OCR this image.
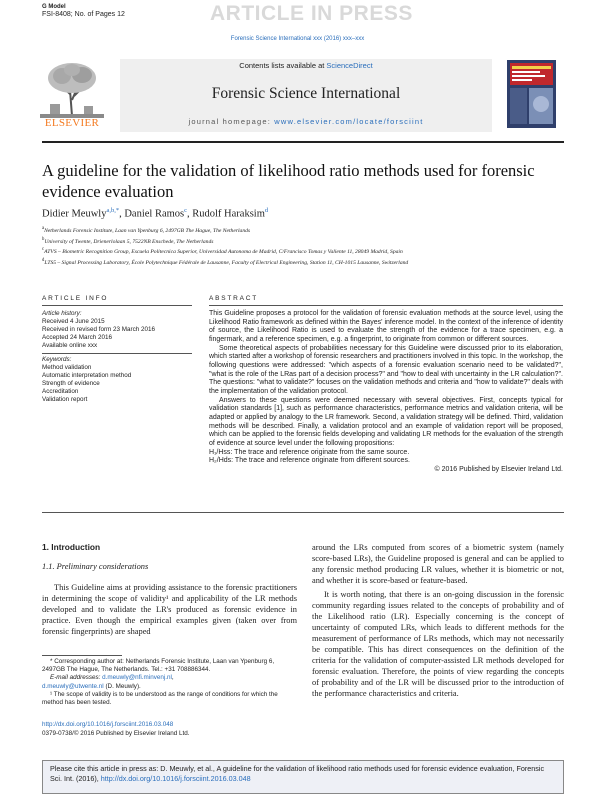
G Model
FSI-8408; No. of Pages 12	ARTICLE IN PRESS
Forensic Science International xxx (2016) xxx–xxx
ELSEVIER
Contents lists available at ScienceDirect
Forensic Science International
journal homepage: www.elsevier.com/locate/forsciint
A guideline for the validation of likelihood ratio methods used for forensic evidence evaluation
Didier Meuwly$^{a,b,*}$, Daniel Ramos$^c$, Rudolf Haraksim$^d$
$^a$Netherlands Forensic Institute, Laan van Ypenburg 6, 2497GB The Hague, The Netherlands
$^b$University of Twente, Drienerlolaan 5, 7522NB Enschede, The Netherlands
$^c$ATVS – Biometric Recognition Group, Escuela Politecnica Superior, Universidad Autonoma de Madrid, C/Francisco Tomas y Valiente 11, 28049 Madrid, Spain
$^d$LTS5 – Signal Processing Laboratory, École Polytechnique Fédérale de Lausanne, Faculty of Electrical Engineering, Station 11, CH-1015 Lausanne, Switzerland
ARTICLE INFO
Article history:
Received 4 June 2015
Received in revised form 23 March 2016
Accepted 24 March 2016
Available online xxx
Keywords:
Method validation
Automatic interpretation method
Strength of evidence
Accreditation
Validation report
ABSTRACT

This Guideline proposes a protocol for the validation of forensic evaluation methods at the source level, using the Likelihood Ratio framework as defined within the Bayes' inference model. In the context of the inference of identity of source, the Likelihood Ratio is used to evaluate the strength of the evidence for a trace specimen, e.g. a fingermark, and a reference specimen, e.g. a fingerprint, to originate from common or different sources.

Some theoretical aspects of probabilities necessary for this Guideline were discussed prior to its elaboration, which started after a workshop of forensic researchers and practitioners involved in this topic. In the workshop, the following questions were addressed: "which aspects of a forensic evaluation scenario need to be validated?", "what is the role of the LRas part of a decision process?" and "how to deal with uncertainty in the LR calculation?". The questions: "what to validate?" focuses on the validation methods and criteria and "how to validate?" deals with the implementation of the validation protocol.

Answers to these questions were deemed necessary with several objectives. First, concepts typical for validation standards [1], such as performance characteristics, performance metrics and validation criteria, will be adapted or applied by analogy to the LR framework. Second, a validation strategy will be defined. Third, validation methods will be described. Finally, a validation protocol and an example of validation report will be proposed, which can be applied to the forensic fields developing and validating LR methods for the evaluation of the strength of evidence at source level under the following propositions:

H₁/Hss: The trace and reference originate from the same source.

H₂/Hds: The trace and reference originate from different sources.

© 2016 Published by Elsevier Ireland Ltd.

1. Introduction
1.1. Preliminary considerations

This Guideline aims at providing assistance to the forensic practitioners in determining the scope of validity¹ and applicability of the LR methods developed and to validate the LR's produced as forensic evidence in practice. Even though the empirical examples given (taken over from forensic fingerprints) are shaped

around the LRs computed from scores of a biometric system (namely score-based LRs), the Guideline proposed is general and can be applied to any forensic method producing LR values, whether it is biometric or not, and whether it is score-based or feature-based.

It is worth noting, that there is an on-going discussion in the forensic community regarding issues related to the concepts of probability and of the Likelihood ratio (LR). Especially concerning is the concept of uncertainty of computed LRs, which leads to different methods for the measurement of performance of LRs methods, which may not necessarily be compatible. This has direct consequences on the definition of the criteria for the validation of computer-assisted LR methods developed for forensic evaluation. Therefore, the points of view regarding the concepts of probability and of the LR will be discussed prior to the introduction of the performance characteristics and criteria.

* Corresponding author at: Netherlands Forensic Institute, Laan van Ypenburg 6, 2497GB The Hague, The Netherlands. Tel.: +31 708886344.

E-mail addresses: d.meuwly@nfi.minvenj.nl,

d.meuwly@utwente.nl (D. Meuwly).

¹ The scope of validity is to be understood as the range of conditions for which the method has been tested.

http://dx.doi.org/10.1016/j.forsciint.2016.03.048
0379-0738/© 2016 Published by Elsevier Ireland Ltd.
Please cite this article in press as: D. Meuwly, et al., A guideline for the validation of likelihood ratio methods used for forensic evidence evaluation, Forensic Sci. Int. (2016), http://dx.doi.org/10.1016/j.forsciint.2016.03.048
